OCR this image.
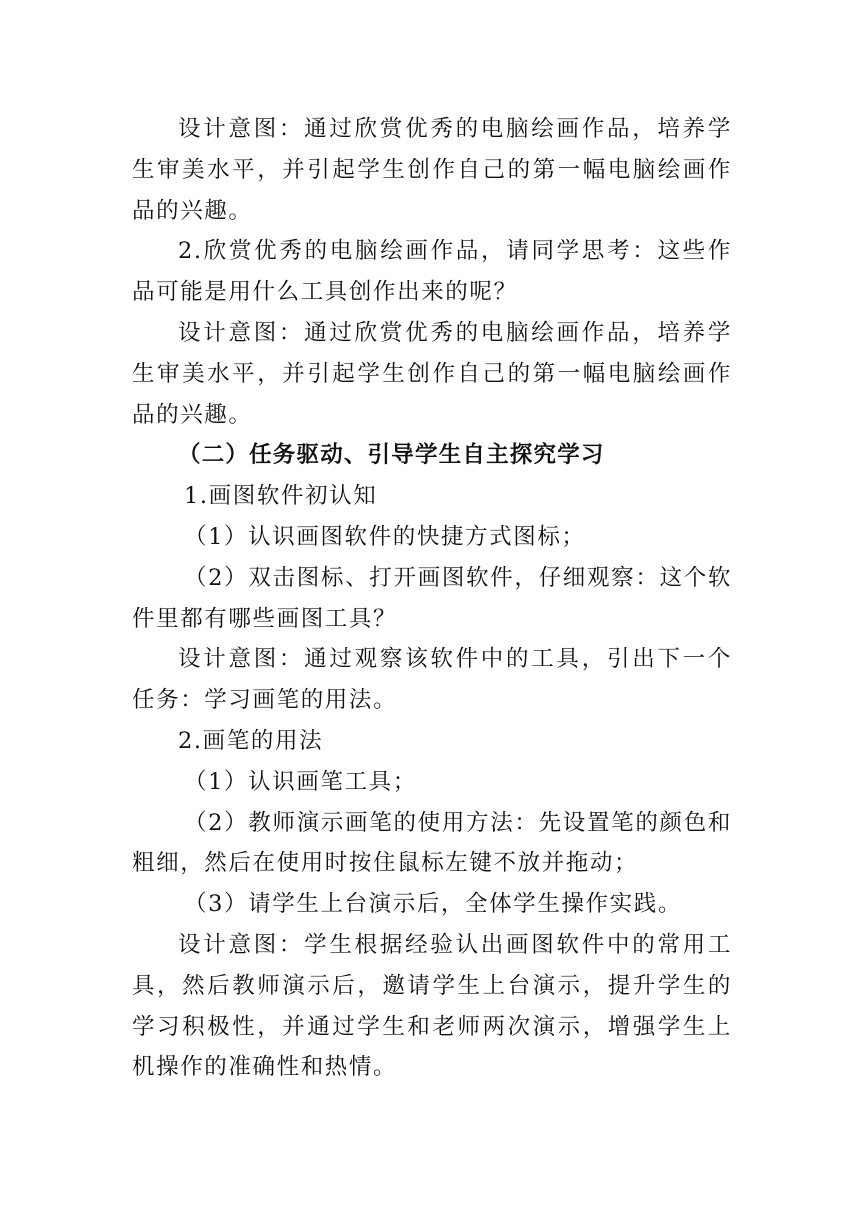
设计意图：通过欣赏优秀的电脑绘画作品，培养学生审美水平，并引起学生创作自己的第一幅电脑绘画作品的兴趣。

2.欣赏优秀的电脑绘画作品，请同学思考：这些作品可能是用什么工具创作出来的呢？

设计意图：通过欣赏优秀的电脑绘画作品，培养学生审美水平，并引起学生创作自己的第一幅电脑绘画作品的兴趣。

（二）任务驱动、引导学生自主探究学习

1.画图软件初认知

（1）认识画图软件的快捷方式图标；

（2）双击图标、打开画图软件，仔细观察：这个软件里都有哪些画图工具？

设计意图：通过观察该软件中的工具，引出下一个任务：学习画笔的用法。

2.画笔的用法

（1）认识画笔工具；

（2）教师演示画笔的使用方法：先设置笔的颜色和粗细，然后在使用时按住鼠标左键不放并拖动；

（3）请学生上台演示后，全体学生操作实践。

设计意图：学生根据经验认出画图软件中的常用工具，然后教师演示后，邀请学生上台演示，提升学生的学习积极性，并通过学生和老师两次演示，增强学生上机操作的准确性和热情。
